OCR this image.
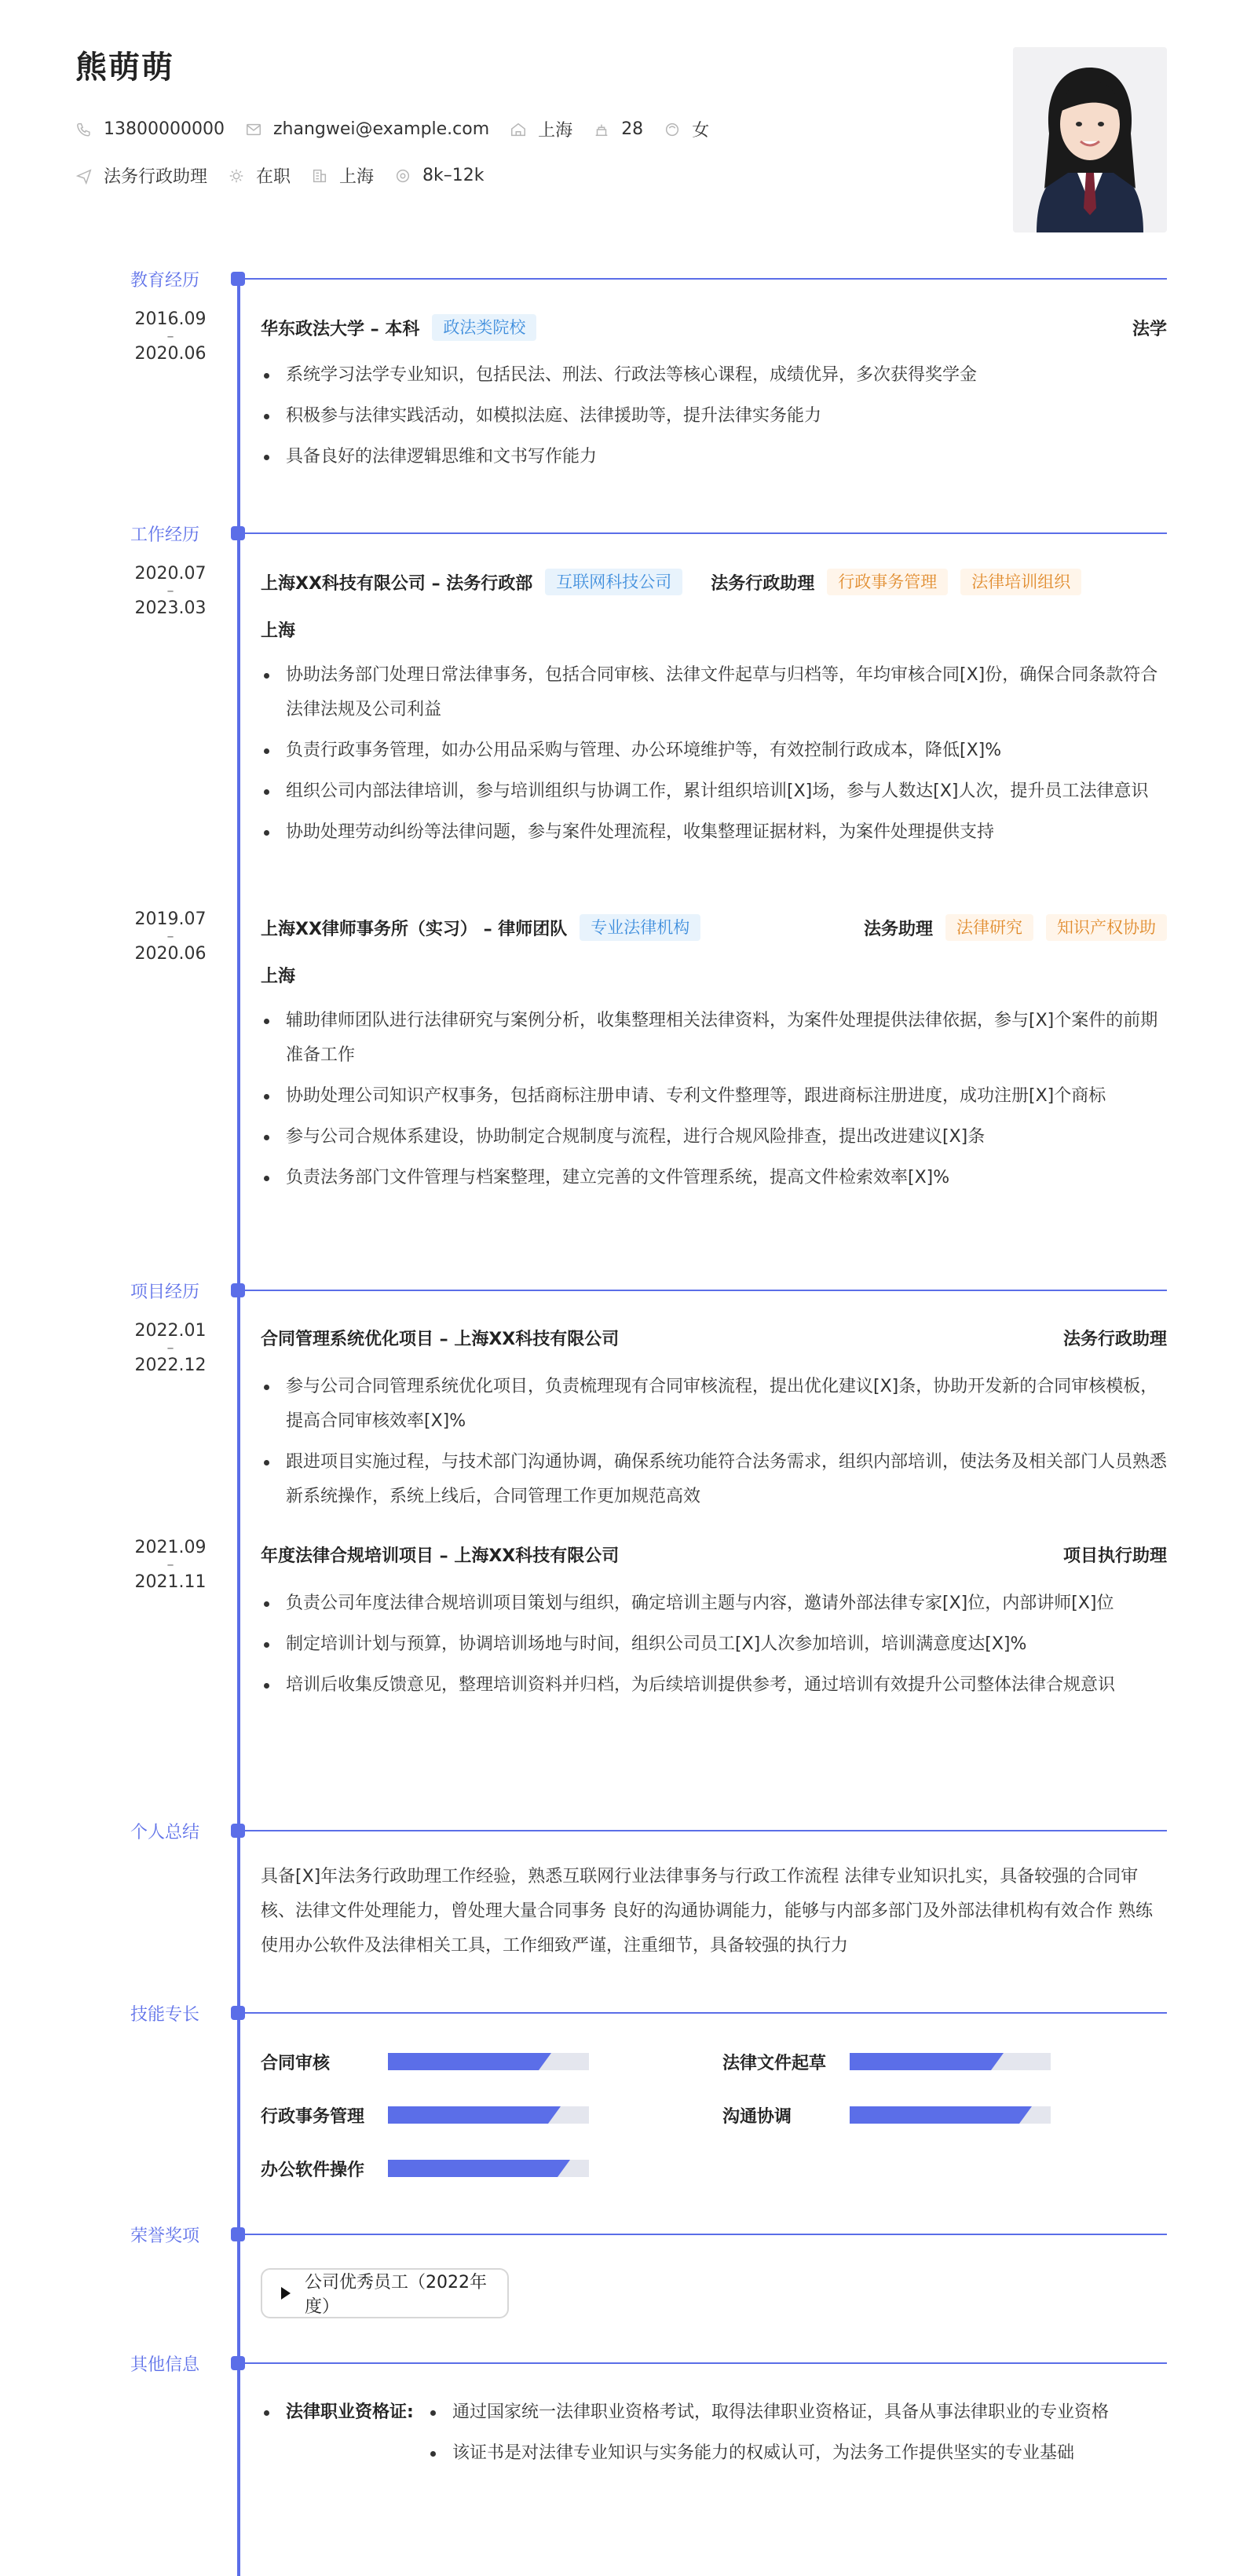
熊萌萌
13800000000	zhangwei@example.com	上海	28	女
法务行政助理	在职	上海	8k–12k
教育经历
2016.09
–
2020.06
华东政法大学 – 本科	政法类院校	法学
系统学习法学专业知识，包括民法、刑法、行政法等核心课程，成绩优异，多次获得奖学金
积极参与法律实践活动，如模拟法庭、法律援助等，提升法律实务能力
具备良好的法律逻辑思维和文书写作能力
工作经历
2020.07
–
2023.03
上海XX科技有限公司 – 法务行政部	互联网科技公司	法务行政助理	行政事务管理	法律培训组织
上海
协助法务部门处理日常法律事务，包括合同审核、法律文件起草与归档等，年均审核合同[X]份，确保合同条款符合法律法规及公司利益
负责行政事务管理，如办公用品采购与管理、办公环境维护等，有效控制行政成本，降低[X]%
组织公司内部法律培训，参与培训组织与协调工作，累计组织培训[X]场，参与人数达[X]人次，提升员工法律意识
协助处理劳动纠纷等法律问题，参与案件处理流程，收集整理证据材料，为案件处理提供支持
2019.07
–
2020.06
上海XX律师事务所（实习） – 律师团队	专业法律机构	法务助理	法律研究	知识产权协助
上海
辅助律师团队进行法律研究与案例分析，收集整理相关法律资料，为案件处理提供法律依据，参与[X]个案件的前期准备工作
协助处理公司知识产权事务，包括商标注册申请、专利文件整理等，跟进商标注册进度，成功注册[X]个商标
参与公司合规体系建设，协助制定合规制度与流程，进行合规风险排查，提出改进建议[X]条
负责法务部门文件管理与档案整理，建立完善的文件管理系统，提高文件检索效率[X]%
项目经历
2022.01
–
2022.12
合同管理系统优化项目 – 上海XX科技有限公司	法务行政助理
参与公司合同管理系统优化项目，负责梳理现有合同审核流程，提出优化建议[X]条，协助开发新的合同审核模板，提高合同审核效率[X]%
跟进项目实施过程，与技术部门沟通协调，确保系统功能符合法务需求，组织内部培训，使法务及相关部门人员熟悉新系统操作，系统上线后，合同管理工作更加规范高效
2021.09
–
2021.11
年度法律合规培训项目 – 上海XX科技有限公司	项目执行助理
负责公司年度法律合规培训项目策划与组织，确定培训主题与内容，邀请外部法律专家[X]位，内部讲师[X]位
制定培训计划与预算，协调培训场地与时间，组织公司员工[X]人次参加培训，培训满意度达[X]%
培训后收集反馈意见，整理培训资料并归档，为后续培训提供参考，通过培训有效提升公司整体法律合规意识
个人总结
具备[X]年法务行政助理工作经验，熟悉互联网行业法律事务与行政工作流程 法律专业知识扎实，具备较强的合同审核、法律文件处理能力，曾处理大量合同事务 良好的沟通协调能力，能够与内部多部门及外部法律机构有效合作 熟练使用办公软件及法律相关工具，工作细致严谨，注重细节，具备较强的执行力
技能专长
合同审核	法律文件起草
行政事务管理	沟通协调
办公软件操作
荣誉奖项
公司优秀员工（2022年度）
其他信息
法律职业资格证:	通过国家统一法律职业资格考试，取得法律职业资格证，具备从事法律职业的专业资格
该证书是对法律专业知识与实务能力的权威认可，为法务工作提供坚实的专业基础
